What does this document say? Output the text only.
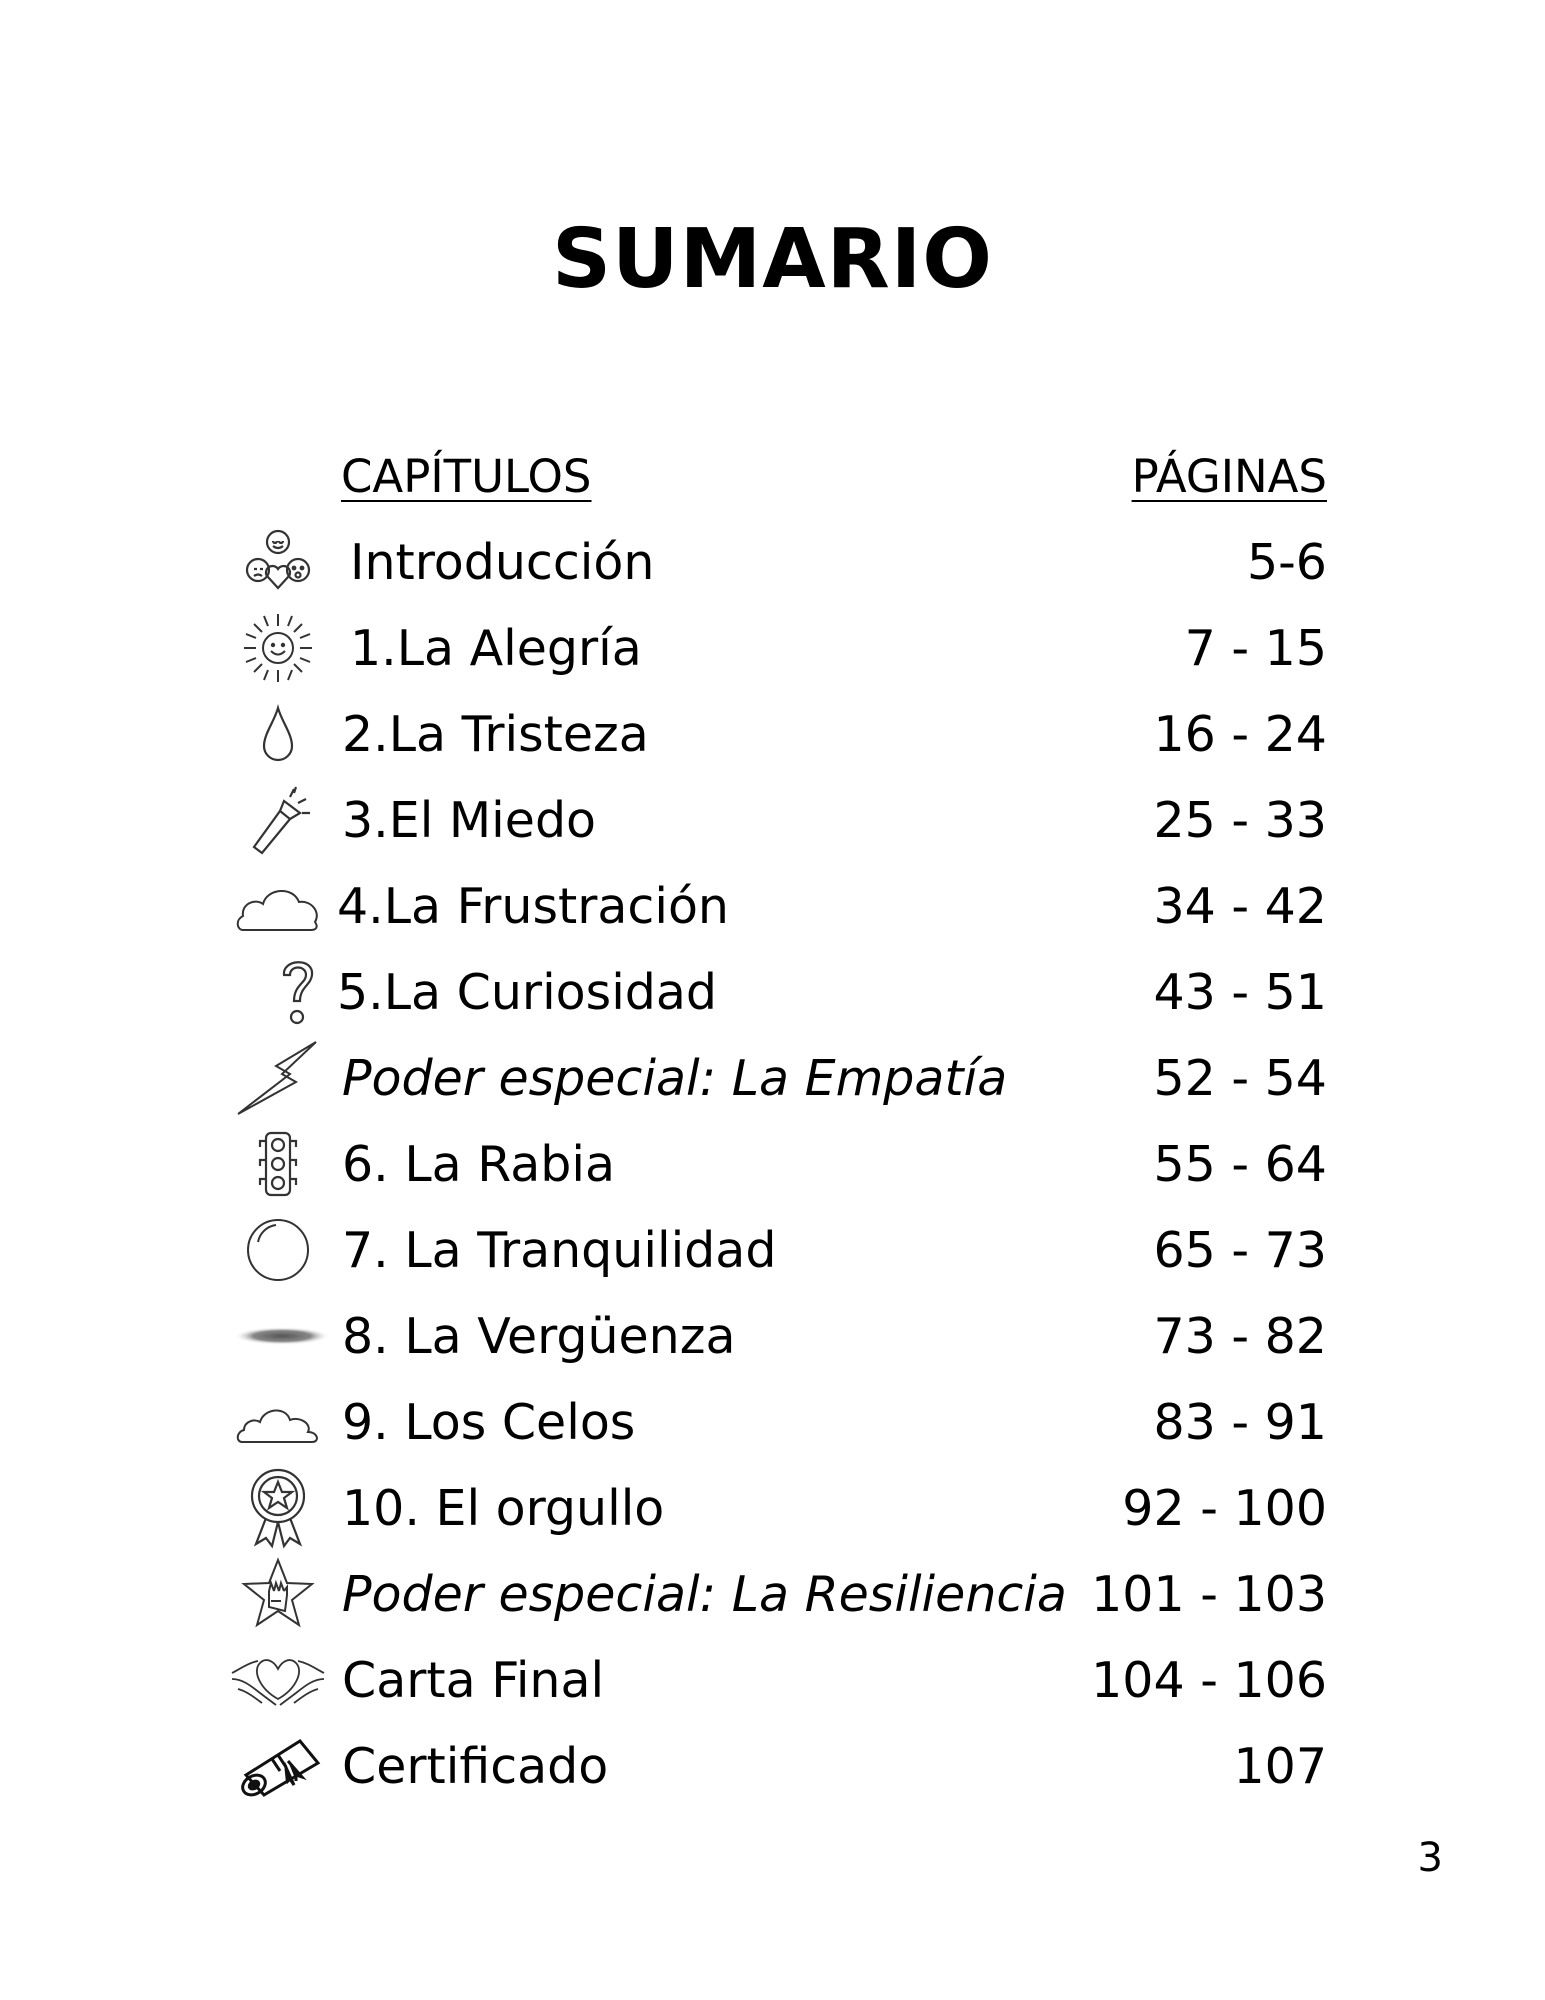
SUMARIO
CAPÍTULOS	PÁGINAS
Introducción	5-6
1.La Alegría	7 - 15
2.La Tristeza	16 - 24
3.El Miedo	25 - 33
4.La Frustración	34 - 42
5.La Curiosidad	43 - 51
Poder especial: La Empatía	52 - 54
6. La Rabia	55 - 64
7. La Tranquilidad	65 - 73
8. La Vergüenza	73 - 82
9. Los Celos	83 - 91
10. El orgullo	92 - 100
Poder especial: La Resiliencia 101 - 103
Carta Final	104 - 106
Certificado	107
3
